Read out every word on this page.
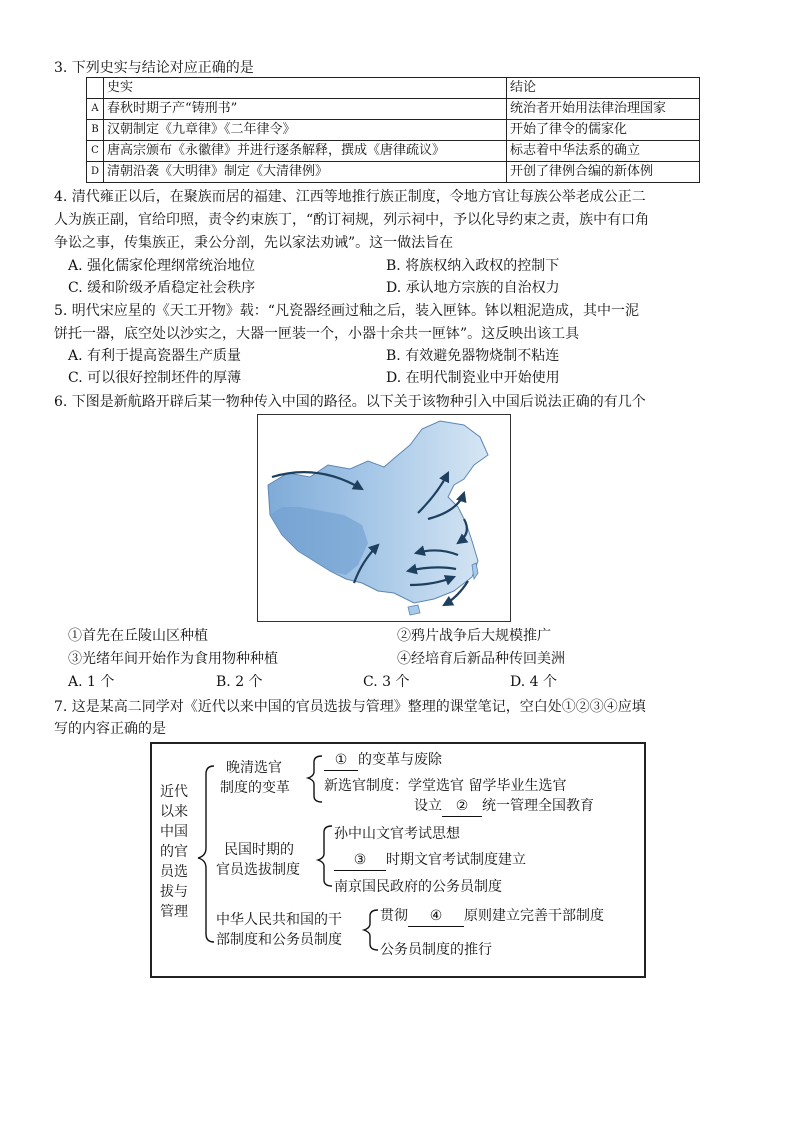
3. 下列史实与结论对应正确的是
	史实	结论
A	春秋时期子产“铸刑书”	统治者开始用法律治理国家
B	汉朝制定《九章律》《二年律令》	开始了律令的儒家化
C	唐高宗颁布《永徽律》并进行逐条解释，撰成《唐律疏议》	标志着中华法系的确立
D	清朝沿袭《大明律》制定《大清律例》	开创了律例合编的新体例
4. 清代雍正以后，在聚族而居的福建、江西等地推行族正制度，令地方官让每族公举老成公正二
人为族正副，官给印照，责令约束族丁，“酌订祠规，列示祠中，予以化导约束之责，族中有口角
争讼之事，传集族正，秉公分剖，先以家法劝诫”。这一做法旨在
A. 强化儒家伦理纲常统治地位	B. 将族权纳入政权的控制下
C. 缓和阶级矛盾稳定社会秩序	D. 承认地方宗族的自治权力
5. 明代宋应星的《天工开物》载：“凡瓷器经画过釉之后，装入匣钵。钵以粗泥造成，其中一泥
饼托一器，底空处以沙实之，大器一匣装一个，小器十余共一匣钵”。这反映出该工具
A. 有利于提高瓷器生产质量	B. 有效避免器物烧制不粘连
C. 可以很好控制坯件的厚薄	D. 在明代制瓷业中开始使用
6. 下图是新航路开辟后某一物种传入中国的路径。以下关于该物种引入中国后说法正确的有几个
①首先在丘陵山区种植	②鸦片战争后大规模推广
③光绪年间开始作为食用物种种植	④经培育后新品种传回美洲
A. 1 个	B. 2 个	C. 3 个	D. 4 个
7. 这是某高二同学对《近代以来中国的官员选拔与管理》整理的课堂笔记，空白处①②③④应填
写的内容正确的是
近代
以来
中国
的官
员选
拔与
管理
晚清选官
制度的变革
① 的变革与废除
新选官制度：学堂选官 留学毕业生选官
设立 ② 统一管理全国教育
民国时期的
官员选拔制度
孙中山文官考试思想
③ 时期文官考试制度建立
南京国民政府的公务员制度
中华人民共和国的干
部制度和公务员制度
贯彻 ④ 原则建立完善干部制度
公务员制度的推行
